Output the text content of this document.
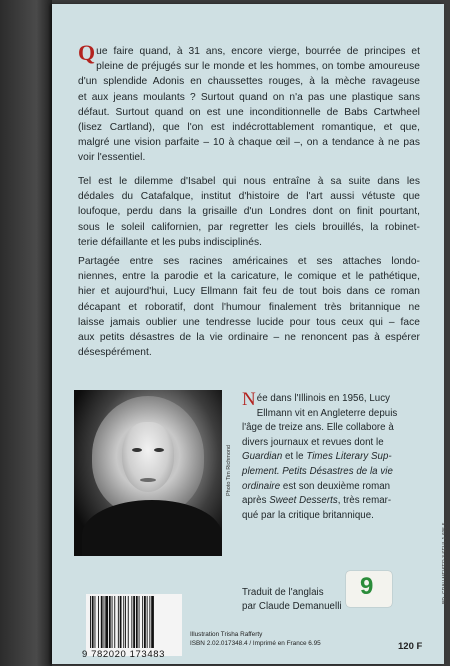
Que faire quand, à 31 ans, encore vierge, bourrée de principes et

pleine de préjugés sur le monde et les hommes, on tombe amoureuse

d'un splendide Adonis en chaussettes rouges, à la mèche ravageuse

et aux jeans moulants ? Surtout quand on n'a pas une plastique sans

défaut. Surtout quand on est une inconditionnelle de Babs Cartwheel

(lisez Cartland), que l'on est indécrottablement romantique, et que,

malgré une vision parfaite – 10 à chaque œil –, on a tendance à ne pas

voir l'essentiel.

Tel est le dilemme d'Isabel qui nous entraîne à sa suite dans les

dédales du Catafalque, institut d'histoire de l'art aussi vétuste que

loufoque, perdu dans la grisaille d'un Londres dont on finit pourtant,

sous le soleil californien, par regretter les ciels brouillés, la robinet-

terie défaillante et les pubs indisciplinés.

Partagée entre ses racines américaines et ses attaches londo-

niennes, entre la parodie et la caricature, le comique et le pathétique,

hier et aujourd'hui, Lucy Ellmann fait feu de tout bois dans ce roman

décapant et roboratif, dont l'humour finalement très britannique ne

laisse jamais oublier une tendresse lucide pour tous ceux qui – face

aux petits désastres de la vie ordinaire – ne renoncent pas à espérer

désespérément.

Photo Tim Richmond

Née dans l'Illinois en 1956, Lucy

Ellmann vit en Angleterre depuis

l'âge de treize ans. Elle collabore à

divers journaux et revues dont le

Guardian et le Times Literary Sup-

plement. Petits Désastres de la vie

ordinaire est son deuxième roman

après Sweet Desserts, très remar-

qué par la critique britannique.

Traduit de l'anglais

par Claude Demanuelli

9 782020 173483

Illustration Trisha Rafferty

ISBN 2.02.017348.4 / Imprimé en France 6.95	120 F
9	BD. GRAU MEISER 3 SEUL 1 695-5
